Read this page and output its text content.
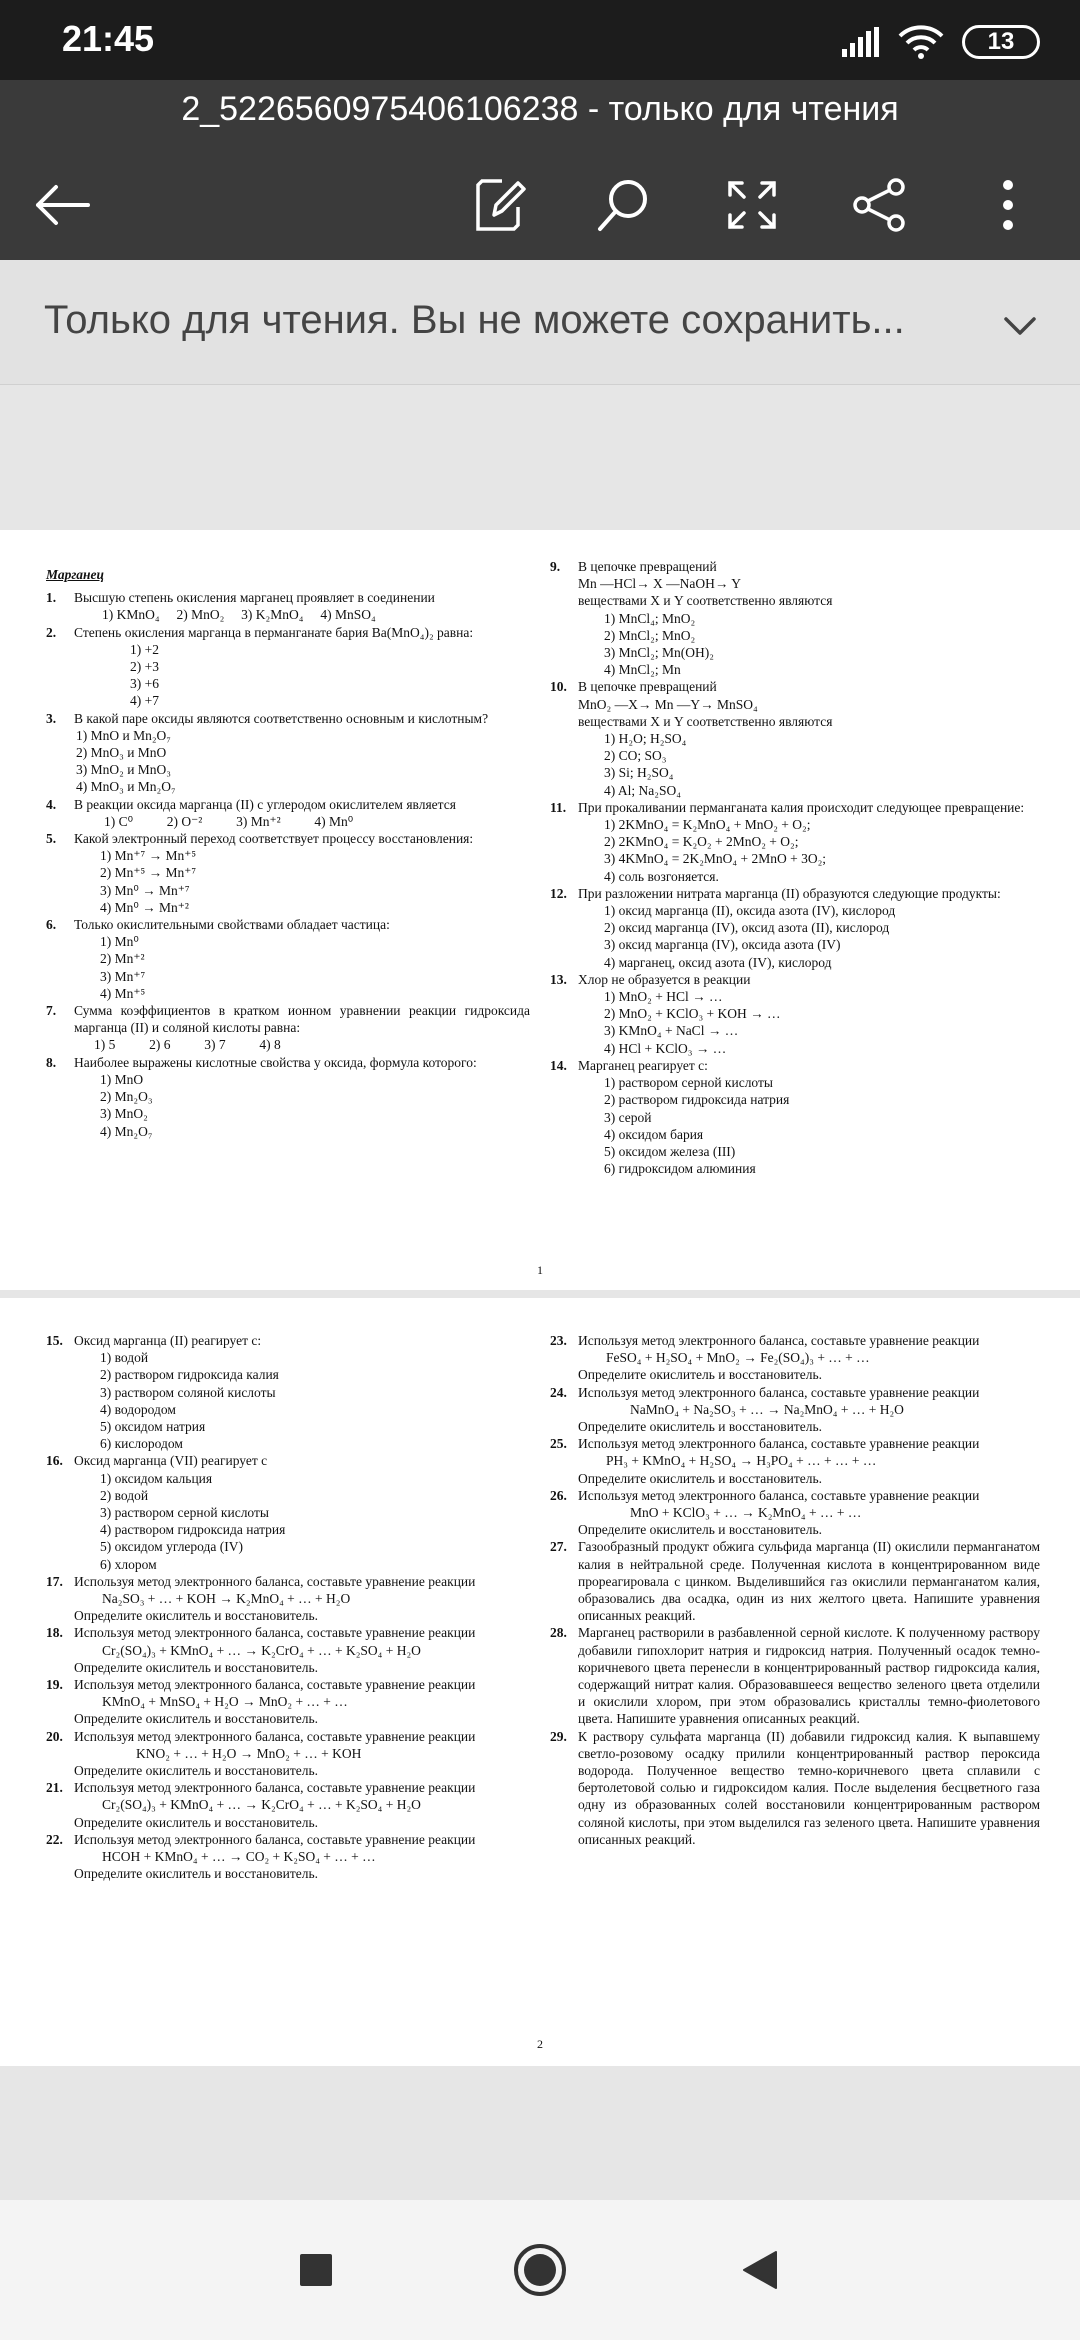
21:45	13
2_5226560975406106238 - только для чтения
Только для чтения. Вы не можете сохранить...
Марганец
1.	Высшую степень окисления марганец проявляет в соединении
1) KMnO₄     2) MnO₂     3) K₂MnO₄     4) MnSO₄
2.	Степень окисления марганца в перманганате бария Ba(MnO₄)₂ равна:
1) +2
2) +3
3) +6
4) +7
3.	В какой паре оксиды являются соответственно основным и кислотным?
1) MnO и Mn₂O₇
2) MnO₃ и MnO
3) MnO₂ и MnO₃
4) MnO₃ и Mn₂O₇
4.	В реакции оксида марганца (II) с углеродом окислителем является
1) C⁰          2) O⁻²          3) Mn⁺²          4) Mn⁰
5.	Какой электронный переход соответствует процессу восстановления:
1) Mn⁺⁷ → Mn⁺⁵
2) Mn⁺⁵ → Mn⁺⁷
3) Mn⁰ → Mn⁺⁷
4) Mn⁰ → Mn⁺²
6.	Только окислительными свойствами обладает частица:
1) Mn⁰
2) Mn⁺²
3) Mn⁺⁷
4) Mn⁺⁵
7.	Сумма коэффициентов в кратком ионном уравнении реакции гидроксида марганца (II) и соляной кислоты равна:
1) 5          2) 6          3) 7          4) 8
8.	Наиболее выражены кислотные свойства у оксида, формула которого:
1) MnO
2) Mn₂O₃
3) MnO₂
4) Mn₂O₇
9.	В цепочке превращений
Mn —HCl→ X —NaOH→ Y
веществами X и Y соответственно являются
1) MnCl₄; MnO₂
2) MnCl₂; MnO₂
3) MnCl₂; Mn(OH)₂
4) MnCl₂; Mn
10. В цепочке превращений
MnO₂ —X→ Mn —Y→ MnSO₄
веществами X и Y соответственно являются
1) H₂O; H₂SO₄
2) CO; SO₃
3) Si; H₂SO₄
4) Al; Na₂SO₄
11. При прокаливании перманганата калия происходит следующее превращение:
1) 2KMnO₄ = K₂MnO₄ + MnO₂ + O₂;
2) 2KMnO₄ = K₂O₂ + 2MnO₂ + O₂;
3) 4KMnO₄ = 2K₂MnO₄ + 2MnO + 3O₂;
4) соль возгоняется.
12. При разложении нитрата марганца (II) образуются следующие продукты:
1) оксид марганца (II), оксида азота (IV), кислород
2) оксид марганца (IV), оксид азота (II), кислород
3) оксид марганца (IV), оксида азота (IV)
4) марганец, оксид азота (IV), кислород
13. Хлор не образуется в реакции
1) MnO₂ + HCl → …
2) MnO₂ + KClO₃ + KOH → …
3) KMnO₄ + NaCl → …
4) HCl + KClO₃ → …
14. Марганец реагирует с:
1) раствором серной кислоты
2) раствором гидроксида натрия
3) серой
4) оксидом бария
5) оксидом железа (III)
6) гидроксидом алюминия
1
15. Оксид марганца (II) реагирует с:
1) водой
2) раствором гидроксида калия
3) раствором соляной кислоты
4) водородом
5) оксидом натрия
6) кислородом
16. Оксид марганца (VII) реагирует с
1) оксидом кальция
2) водой
3) раствором серной кислоты
4) раствором гидроксида натрия
5) оксидом углерода (IV)
6) хлором
17. Используя метод электронного баланса, составьте уравнение реакции
Na₂SO₃ + … + KOH → K₂MnO₄ + … + H₂O
Определите окислитель и восстановитель.
18. Используя метод электронного баланса, составьте уравнение реакции
Cr₂(SO₄)₃ + KMnO₄ + … → K₂CrO₄ + … + K₂SO₄ + H₂O
Определите окислитель и восстановитель.
19. Используя метод электронного баланса, составьте уравнение реакции
KMnO₄ + MnSO₄ + H₂O → MnO₂ + … + …
Определите окислитель и восстановитель.
20. Используя метод электронного баланса, составьте уравнение реакции
KNO₂ + … + H₂O → MnO₂ + … + KOH
Определите окислитель и восстановитель.
21. Используя метод электронного баланса, составьте уравнение реакции
Cr₂(SO₄)₃ + KMnO₄ + … → K₂CrO₄ + … + K₂SO₄ + H₂O
Определите окислитель и восстановитель.
22. Используя метод электронного баланса, составьте уравнение реакции
HCOH + KMnO₄ + … → CO₂ + K₂SO₄ + … + …
Определите окислитель и восстановитель.
23. Используя метод электронного баланса, составьте уравнение реакции
FeSO₄ + H₂SO₄ + MnO₂ → Fe₂(SO₄)₃ + … + …
Определите окислитель и восстановитель.
24. Используя метод электронного баланса, составьте уравнение реакции
NaMnO₄ + Na₂SO₃ + … → Na₂MnO₄ + … + H₂O
Определите окислитель и восстановитель.
25. Используя метод электронного баланса, составьте уравнение реакции
PH₃ + KMnO₄ + H₂SO₄ → H₃PO₄ + … + … + …
Определите окислитель и восстановитель.
26. Используя метод электронного баланса, составьте уравнение реакции
MnO + KClO₃ + … → K₂MnO₄ + … + …
Определите окислитель и восстановитель.
27. Газообразный продукт обжига сульфида марганца (II) окислили перманганатом калия в нейтральной среде. Полученная кислота в концентрированном виде прореагировала с цинком. Выделившийся газ окислили перманганатом калия, образовались два осадка, один из них желтого цвета. Напишите уравнения описанных реакций.
28. Марганец растворили в разбавленной серной кислоте. К полученному раствору добавили гипохлорит натрия и гидроксид натрия. Полученный осадок темно-коричневого цвета перенесли в концентрированный раствор гидроксида калия, содержащий нитрат калия. Образовавшееся вещество зеленого цвета отделили и окислили хлором, при этом образовались кристаллы темно-фиолетового цвета. Напишите уравнения описанных реакций.
29. К раствору сульфата марганца (II) добавили гидроксид калия. К выпавшему светло-розовому осадку прилили концентрированный раствор пероксида водорода. Полученное вещество темно-коричневого цвета сплавили с бертолетовой солью и гидроксидом калия. После выделения бесцветного газа одну из образованных солей восстановили концентрированным раствором соляной кислоты, при этом выделился газ зеленого цвета. Напишите уравнения описанных реакций.
2
